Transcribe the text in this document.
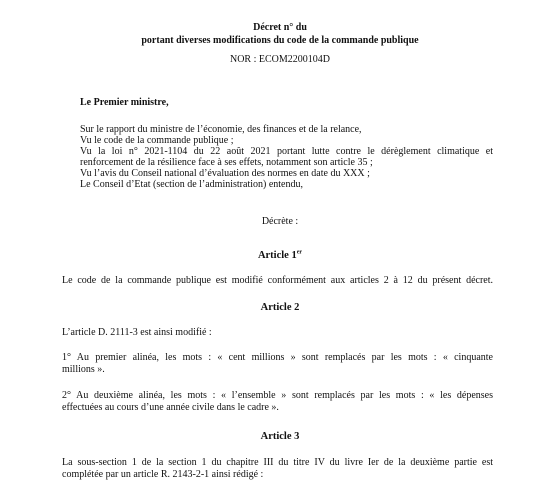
Décret n° du
portant diverses modifications du code de la commande publique
NOR : ECOM2200104D
Le Premier ministre,
Sur le rapport du ministre de l’économie, des finances et de la relance,
Vu le code de la commande publique ;
Vu la loi n° 2021-1104 du 22 août 2021 portant lutte contre le dérèglement climatique et
renforcement de la résilience face à ses effets, notamment son article 35 ;
Vu l’avis du Conseil national d’évaluation des normes en date du XXX ;
Le Conseil d’Etat (section de l’administration) entendu,
Décrète :
Article 1er
Le code de la commande publique est modifié conformément aux articles 2 à 12 du présent décret.
Article 2
L’article D. 2111-3 est ainsi modifié :
1° Au premier alinéa, les mots : « cent millions » sont remplacés par les mots : « cinquante
millions ».
2° Au deuxième alinéa, les mots : « l’ensemble » sont remplacés par les mots : « les dépenses
effectuées au cours d’une année civile dans le cadre ».
Article 3
La sous-section 1 de la section 1 du chapitre III du titre IV du livre Ier de la deuxième partie est
complétée par un article R. 2143-2-1 ainsi rédigé :
